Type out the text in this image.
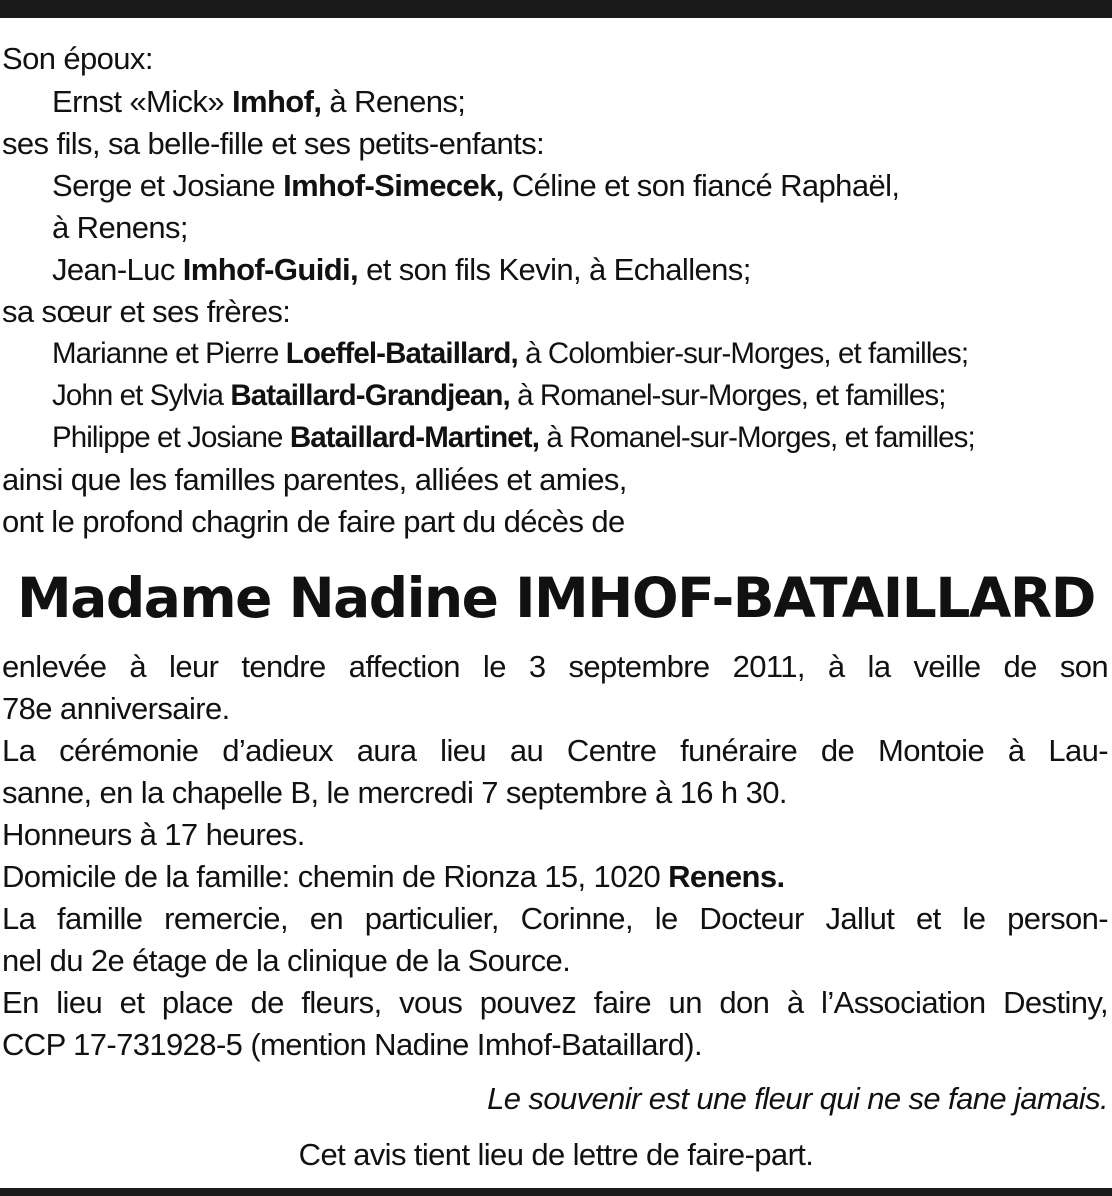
Son époux:
Ernst «Mick» Imhof, à Renens;
ses fils, sa belle-fille et ses petits-enfants:
Serge et Josiane Imhof-Simecek, Céline et son fiancé Raphaël,
à Renens;
Jean-Luc Imhof-Guidi, et son fils Kevin, à Echallens;
sa sœur et ses frères:
Marianne et Pierre Loeffel-Bataillard, à Colombier-sur-Morges, et familles;
John et Sylvia Bataillard-Grandjean, à Romanel-sur-Morges, et familles;
Philippe et Josiane Bataillard-Martinet, à Romanel-sur-Morges, et familles;
ainsi que les familles parentes, alliées et amies,
ont le profond chagrin de faire part du décès de
Madame Nadine IMHOF-BATAILLARD
enlevée à leur tendre affection le 3 septembre 2011, à la veille de son
78e anniversaire.
La cérémonie d’adieux aura lieu au Centre funéraire de Montoie à Lau-
sanne, en la chapelle B, le mercredi 7 septembre à 16 h 30.
Honneurs à 17 heures.
Domicile de la famille: chemin de Rionza 15, 1020 Renens.
La famille remercie, en particulier, Corinne, le Docteur Jallut et le person-
nel du 2e étage de la clinique de la Source.
En lieu et place de fleurs, vous pouvez faire un don à l’Association Destiny,
CCP 17-731928-5 (mention Nadine Imhof-Bataillard).
Le souvenir est une fleur qui ne se fane jamais.
Cet avis tient lieu de lettre de faire-part.
